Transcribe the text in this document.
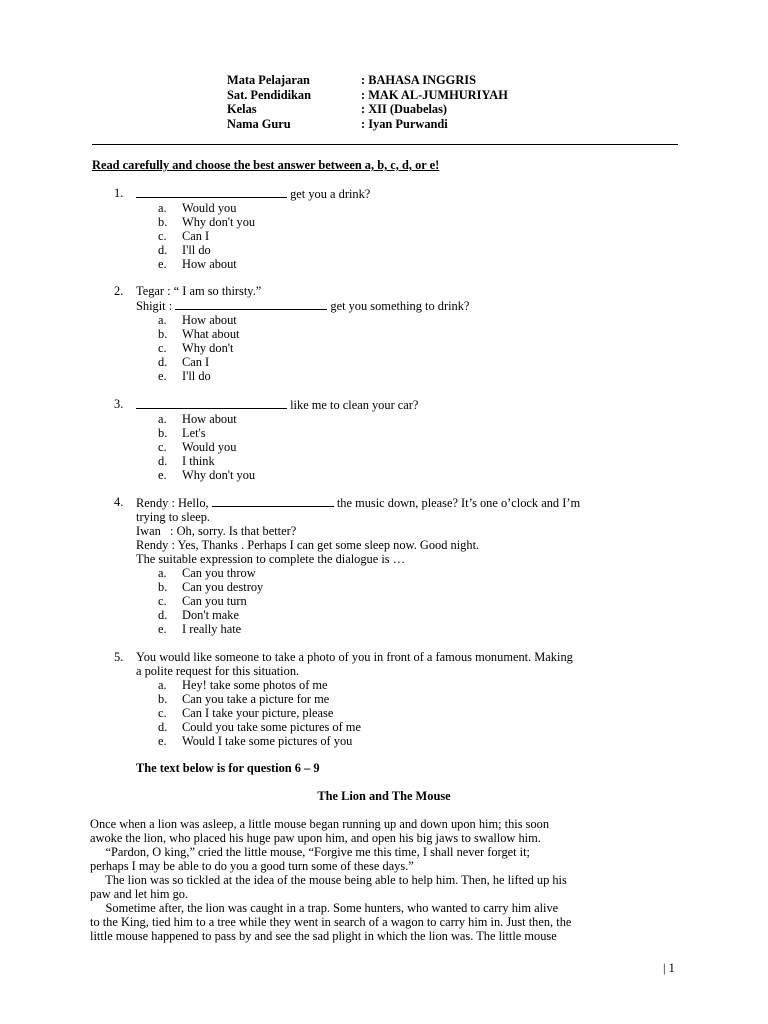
Mata Pelajaran	: BAHASA INGGRIS
Sat. Pendidikan	: MAK AL-JUMHURIYAH
Kelas	: XII (Duabelas)
Nama Guru	: Iyan Purwandi
Read carefully and choose the best answer between a, b, c, d, or e!
1.	get you a drink?
a.	Would you
b.	Why don't you
c.	Can I
d.	I'll do
e.	How about
2.	Tegar : “ I am so thirsty.”
Shigit :	get you something to drink?
a.	How about
b.	What about
c.	Why don't
d.	Can I
e.	I'll do
3.	like me to clean your car?
a.	How about
b.	Let's
c.	Would you
d.	I think
e.	Why don't you
4.	Rendy : Hello,	the music down, please? It’s one o’clock and I’m
trying to sleep.
Iwan   : Oh, sorry. Is that better?
Rendy : Yes, Thanks . Perhaps I can get some sleep now. Good night.
The suitable expression to complete the dialogue is …
a.	Can you throw
b.	Can you destroy
c.	Can you turn
d.	Don't make
e.	I really hate
5.	You would like someone to take a photo of you in front of a famous monument. Making
a polite request for this situation.
a.	Hey! take some photos of me
b.	Can you take a picture for me
c.	Can I take your picture, please
d.	Could you take some pictures of me
e.	Would I take some pictures of you
The text below is for question 6 – 9
The Lion and The Mouse

Once when a lion was asleep, a little mouse began running up and down upon him; this soon

awoke the lion, who placed his huge paw upon him, and open his big jaws to swallow him.

“Pardon, O king,” cried the little mouse, “Forgive me this time, I shall never forget it;

perhaps I may be able to do you a good turn some of these days.”

The lion was so tickled at the idea of the mouse being able to help him. Then, he lifted up his

paw and let him go.

Sometime after, the lion was caught in a trap. Some hunters, who wanted to carry him alive

to the King, tied him to a tree while they went in search of a wagon to carry him in. Just then, the

little mouse happened to pass by and see the sad plight in which the lion was. The little mouse

| 1
